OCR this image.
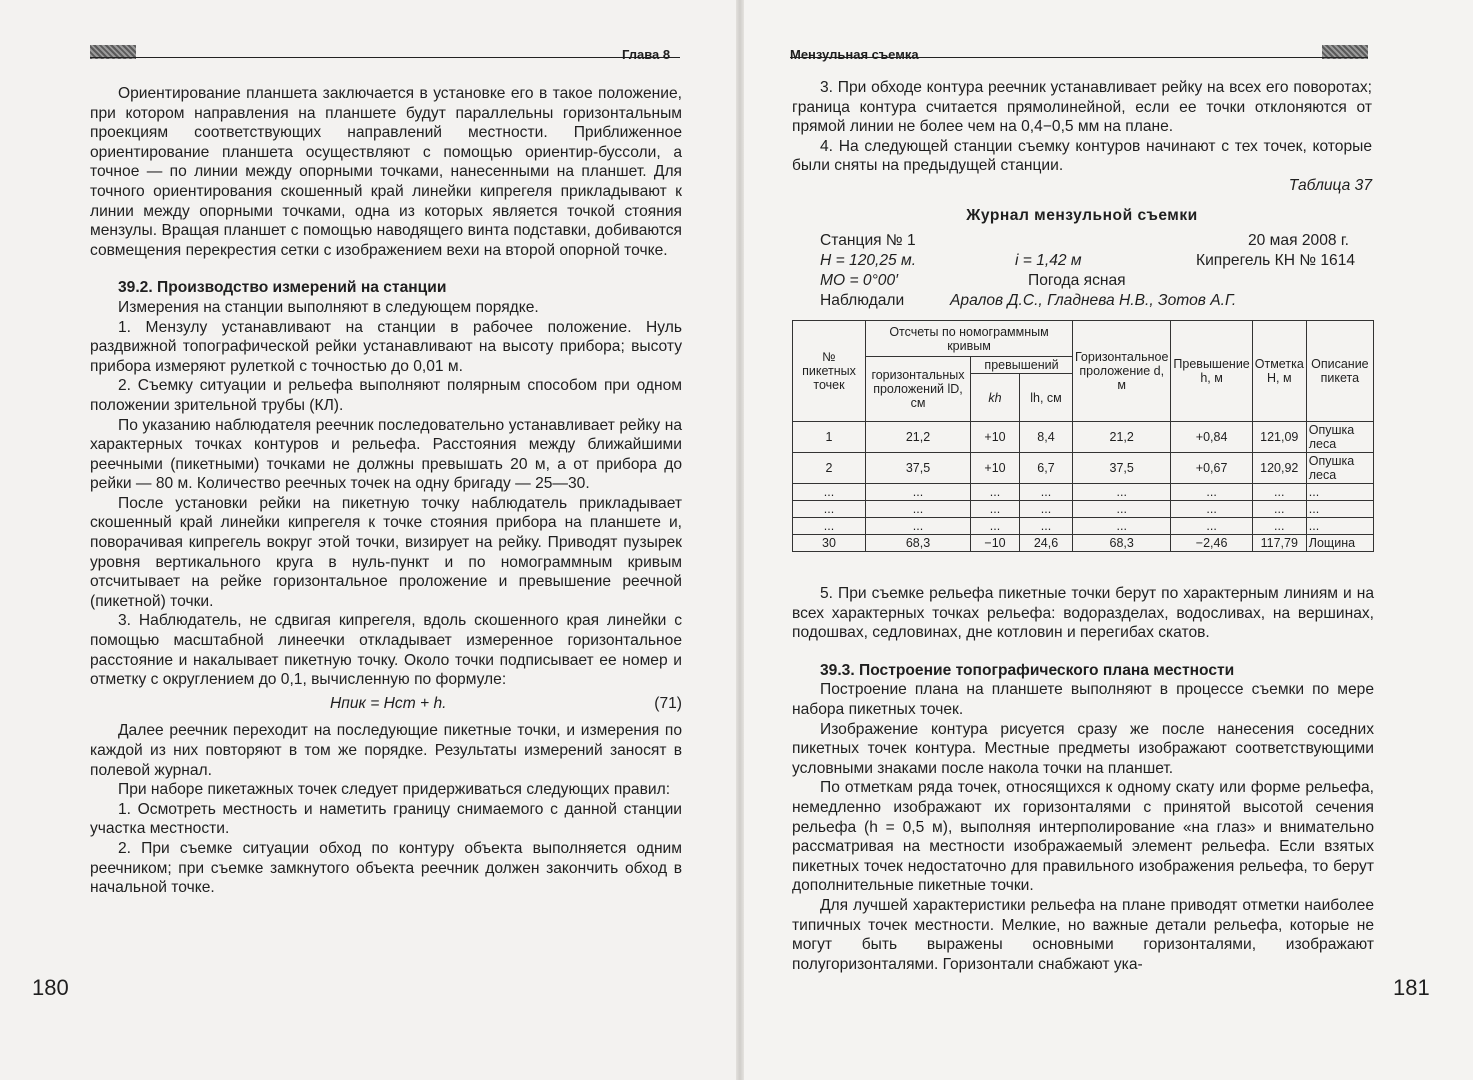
Глава 8	Мензульная съемка

Ориентирование планшета заключается в установке его в такое положение, при котором направления на планшете будут параллельны горизонтальным проекциям соответствующих направлений местности. Приближенное ориентирование планшета осуществляют с помощью ориентир-буссоли, а точное — по линии между опорными точками, нанесенными на планшет. Для точного ориентирования скошенный край линейки кипрегеля прикладывают к линии между опорными точками, одна из которых является точкой стояния мензулы. Вращая планшет с помощью наводящего винта подставки, добиваются совмещения перекрестия сетки с изображением вехи на второй опорной точке.

39.2. Производство измерений на станции

Измерения на станции выполняют в следующем порядке.

1. Мензулу устанавливают на станции в рабочее положение. Нуль раздвижной топографической рейки устанавливают на высоту прибора; высоту прибора измеряют рулеткой с точностью до 0,01 м.

2. Съемку ситуации и рельефа выполняют полярным способом при одном положении зрительной трубы (КЛ).

По указанию наблюдателя реечник последовательно устанавливает рейку на характерных точках контуров и рельефа. Расстояния между ближайшими реечными (пикетными) точками не должны превышать 20 м, а от прибора до рейки — 80 м. Количество реечных точек на одну бригаду — 25—30.

После установки рейки на пикетную точку наблюдатель прикладывает скошенный край линейки кипрегеля к точке стояния прибора на планшете и, поворачивая кипрегель вокруг этой точки, визирует на рейку. Приводят пузырек уровня вертикального круга в нуль-пункт и по номограммным кривым отсчитывает на рейке горизонтальное проложение и превышение реечной (пикетной) точки.

3. Наблюдатель, не сдвигая кипрегеля, вдоль скошенного края линейки с помощью масштабной линеечки откладывает измеренное горизонтальное расстояние и накалывает пикетную точку. Около точки подписывает ее номер и отметку с округлением до 0,1, вычисленную по формуле:

Hпик = Hст + h.	(71)

Далее реечник переходит на последующие пикетные точки, и измерения по каждой из них повторяют в том же порядке. Результаты измерений заносят в полевой журнал.

При наборе пикетажных точек следует придерживаться следующих правил:

1. Осмотреть местность и наметить границу снимаемого с данной станции участка местности.

2. При съемке ситуации обход по контуру объекта выполняется одним реечником; при съемке замкнутого объекта реечник должен закончить обход в начальной точке.

180

3. При обходе контура реечник устанавливает рейку на всех его поворотах; граница контура считается прямолинейной, если ее точки отклоняются от прямой линии не более чем на 0,4−0,5 мм на плане.

4. На следующей станции съемку контуров начинают с тех точек, которые были сняты на предыдущей станции.

Таблица 37
Журнал мензульной съемки
Станция № 1	20 мая 2008 г.
H = 120,25 м.	i = 1,42 м	Кипрегель КН № 1614
MO = 0°00′	Погода ясная
Наблюдали	Аралов Д.С., Гладнева Н.В., Зотов А.Г.
№ пикетных точек	Отсчеты по номограммным кривым			Горизонтальное проложение d, м	Превышение h, м	Отметка H, м	Описание пикета
	горизонтальных проложений lD, см	превышений					
		kh	lh, см				
1	21,2	+10	8,4	21,2	+0,84	121,09	Опушка леса
2	37,5	+10	6,7	37,5	+0,67	120,92	Опушка леса
...	...	...	...	...	...	...	...
...	...	...	...	...	...	...	...
...	...	...	...	...	...	...	...
30	68,3	−10	24,6	68,3	−2,46	117,79	Лощина

5. При съемке рельефа пикетные точки берут по характерным линиям и на всех характерных точках рельефа: водоразделах, водосливах, на вершинах, подошвах, седловинах, дне котловин и перегибах скатов.

39.3. Построение топографического плана местности

Построение плана на планшете выполняют в процессе съемки по мере набора пикетных точек.

Изображение контура рисуется сразу же после нанесения соседних пикетных точек контура. Местные предметы изображают соответствующими условными знаками после накола точки на планшет.

По отметкам ряда точек, относящихся к одному скату или форме рельефа, немедленно изображают их горизонталями с принятой высотой сечения рельефа (h = 0,5 м), выполняя интерполирование «на глаз» и внимательно рассматривая на местности изображаемый элемент рельефа. Если взятых пикетных точек недостаточно для правильного изображения рельефа, то берут дополнительные пикетные точки.

Для лучшей характеристики рельефа на плане приводят отметки наиболее типичных точек местности. Мелкие, но важные детали рельефа, которые не могут быть выражены основными горизонталями, изображают полугоризонталями. Горизонтали снабжают ука-

181
